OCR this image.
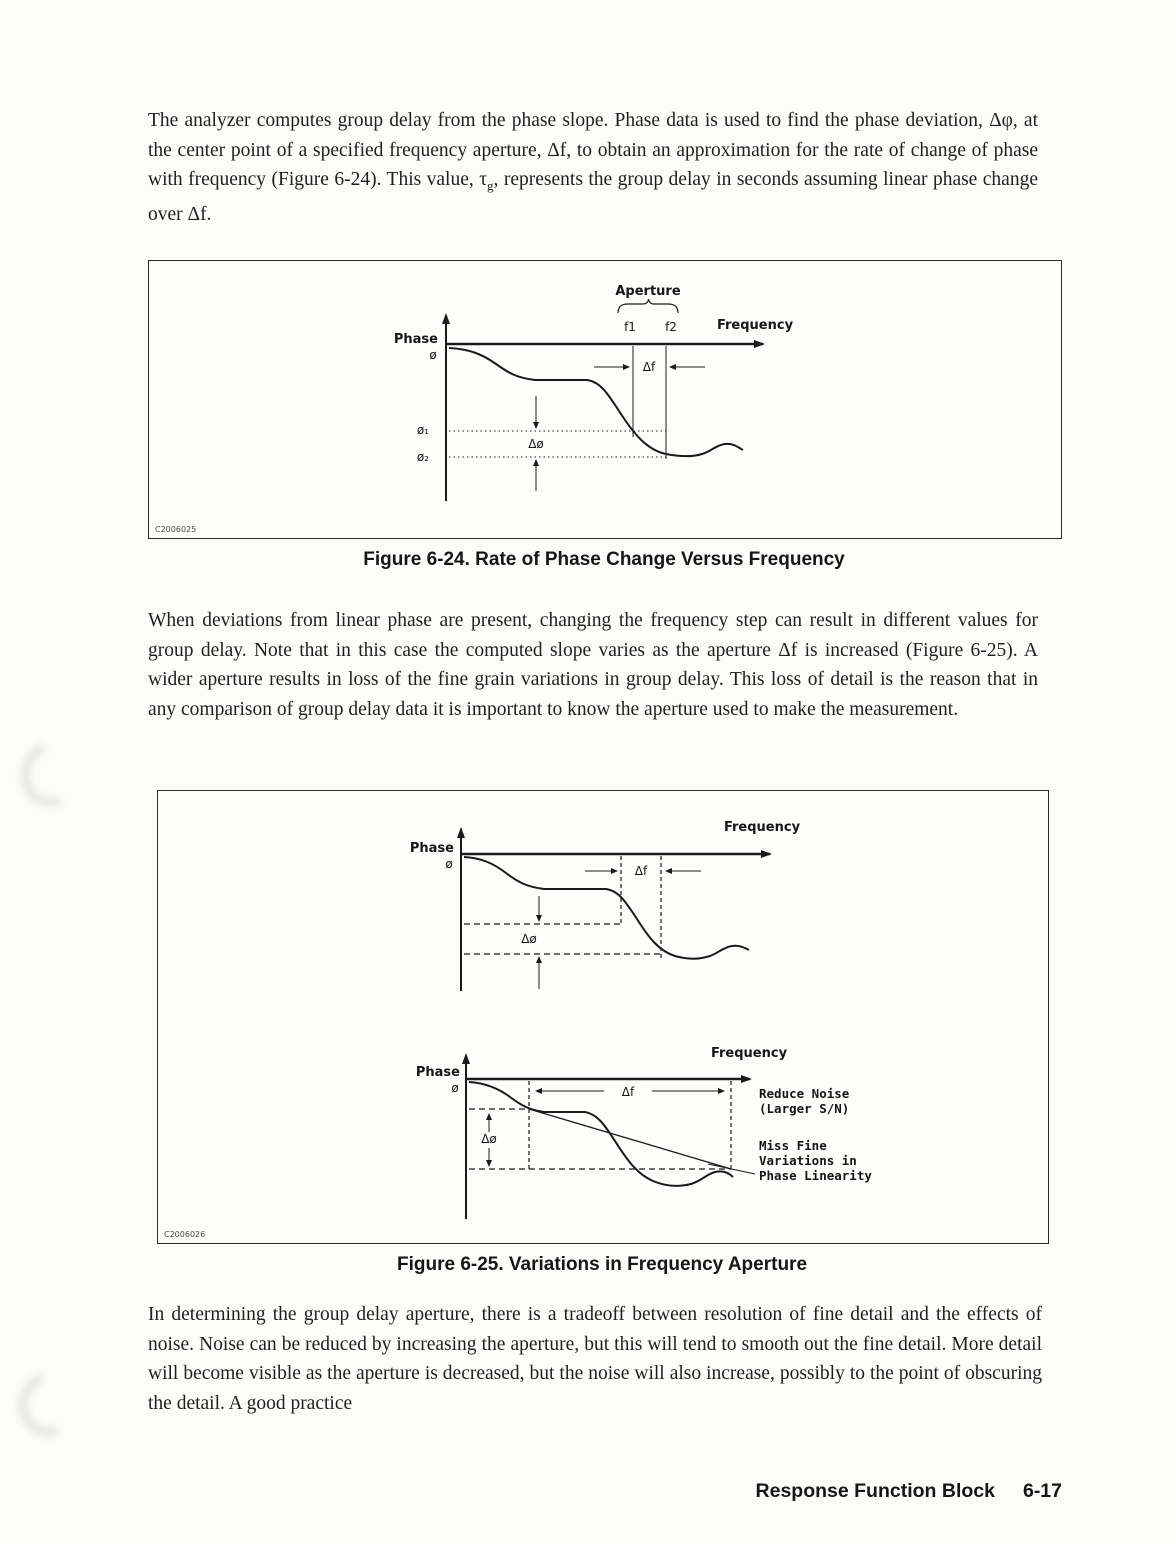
The analyzer computes group delay from the phase slope. Phase data is used to find the phase deviation, Δφ, at the center point of a specified frequency aperture, Δf, to obtain an approximation for the rate of change of phase with frequency (Figure 6-24). This value, $\tau_g$, represents the group delay in seconds assuming linear phase change over Δf.

Aperture
f1 f2	Frequency
Phase
ø
Δf
ø₁
ø₂
Δø
C2006025
Figure 6-24. Rate of Phase Change Versus Frequency

When deviations from linear phase are present, changing the frequency step can result in different values for group delay. Note that in this case the computed slope varies as the aperture Δf is increased (Figure 6-25). A wider aperture results in loss of the fine grain variations in group delay. This loss of detail is the reason that in any comparison of group delay data it is important to know the aperture used to make the measurement.

Frequency
Phase
ø	Δf
Δø
Frequency
Phase
ø	Δf
Δø
Reduce Noise
(Larger S/N)
Miss Fine
Variations in
Phase Linearity
C2006026
Figure 6-25. Variations in Frequency Aperture

In determining the group delay aperture, there is a tradeoff between resolution of fine detail and the effects of noise. Noise can be reduced by increasing the aperture, but this will tend to smooth out the fine detail. More detail will become visible as the aperture is decreased, but the noise will also increase, possibly to the point of obscuring the detail. A good practice

Response Function Block 6-17
